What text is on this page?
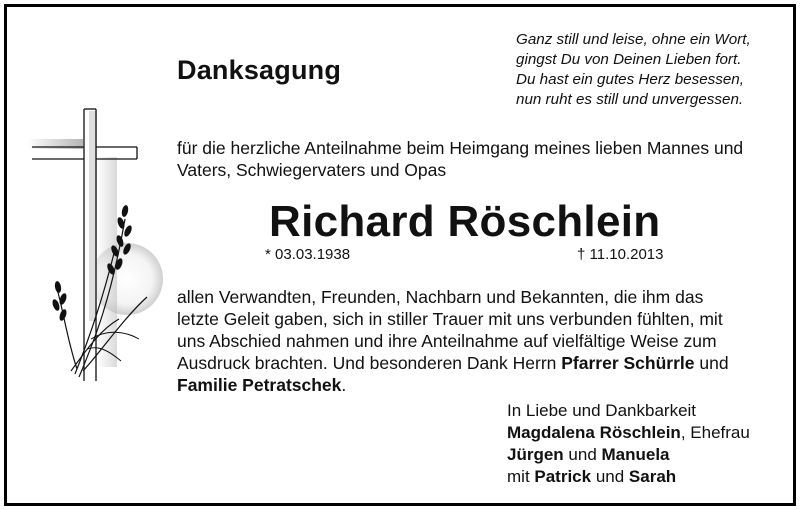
Danksagung
Ganz still und leise, ohne ein Wort,
gingst Du von Deinen Lieben fort.
Du hast ein gutes Herz besessen,
nun ruht es still und unvergessen.
für die herzliche Anteilnahme beim Heimgang meines lieben Mannes und
Vaters, Schwiegervaters und Opas
Richard Röschlein
* 03.03.1938	† 11.10.2013
allen Verwandten, Freunden, Nachbarn und Bekannten, die ihm das
letzte Geleit gaben, sich in stiller Trauer mit uns verbunden fühlten, mit
uns Abschied nahmen und ihre Anteilnahme auf vielfältige Weise zum
Ausdruck brachten. Und besonderen Dank Herrn Pfarrer Schürrle und
Familie Petratschek.
In Liebe und Dankbarkeit
Magdalena Röschlein, Ehefrau
Jürgen und Manuela
mit Patrick und Sarah
